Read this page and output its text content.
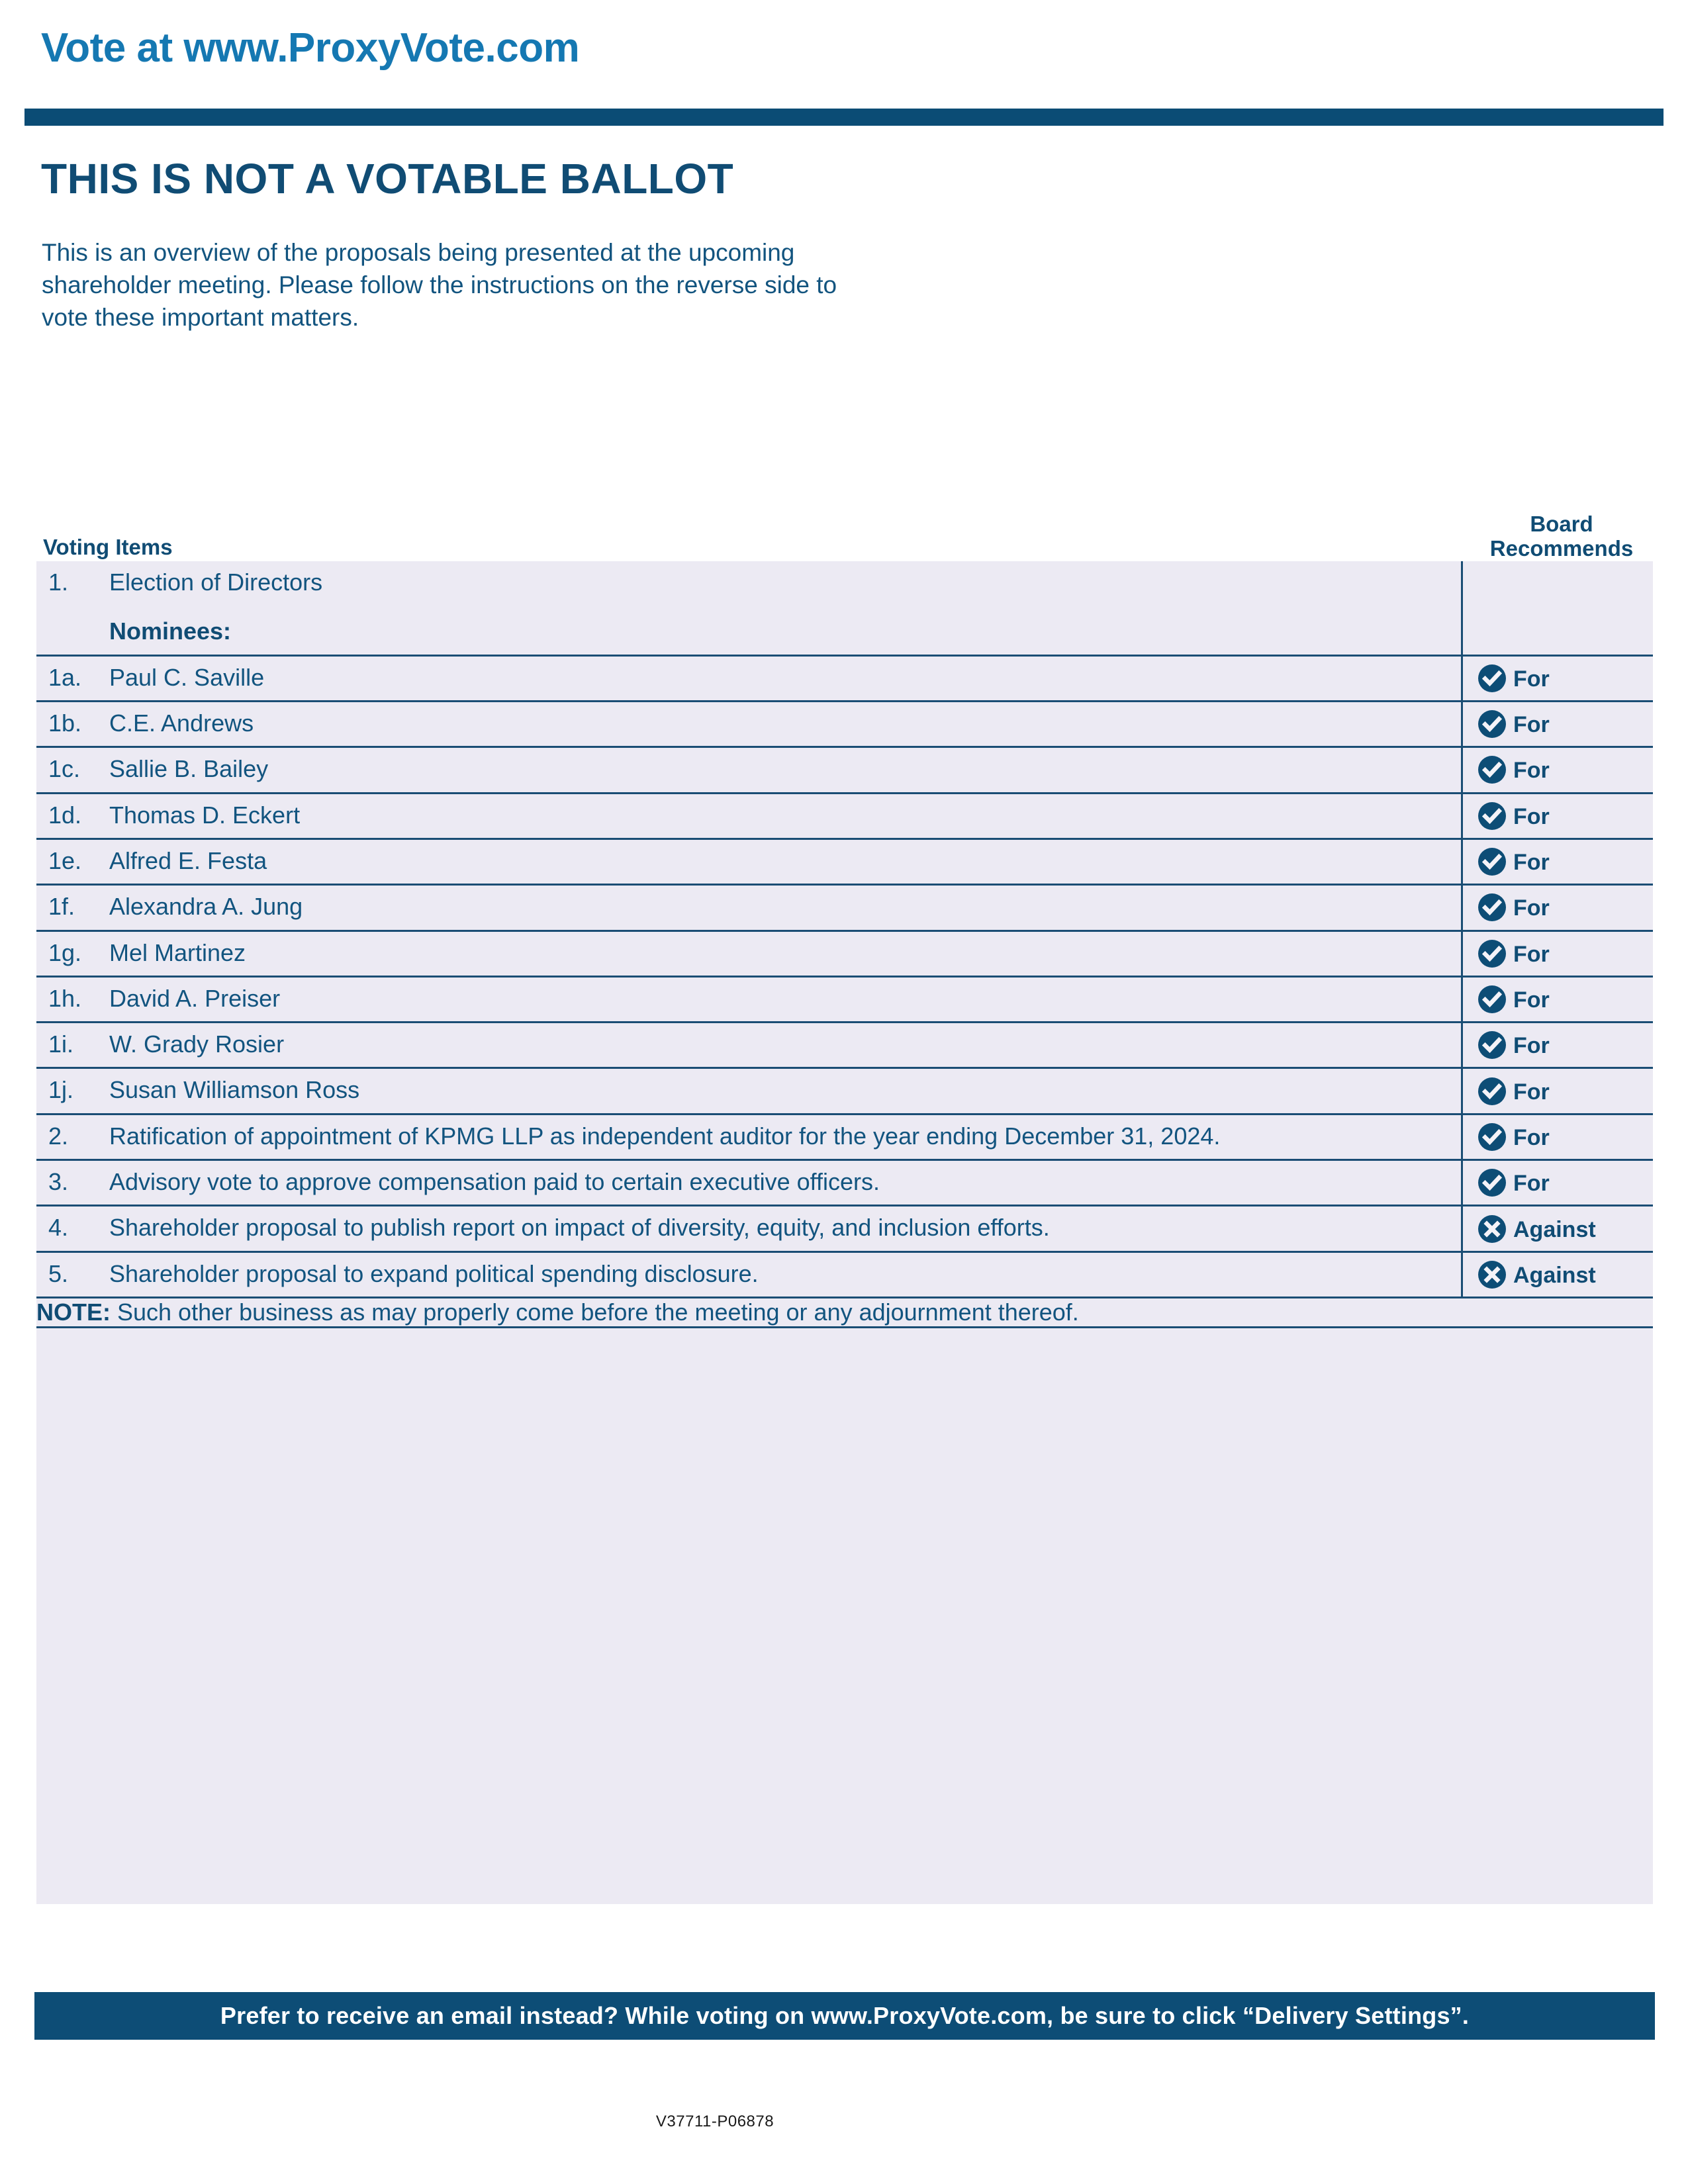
Vote at www.ProxyVote.com
THIS IS NOT A VOTABLE BALLOT
This is an overview of the proposals being presented at the upcoming shareholder meeting. Please follow the instructions on the reverse side to vote these important matters.
Voting Items
Board
Recommends
1. Election of Directors
Nominees:	

1a. Paul C. Saville	For

1b. C.E. Andrews	For

1c. Sallie B. Bailey	For

1d. Thomas D. Eckert	For

1e. Alfred E. Festa	For

1f. Alexandra A. Jung	For

1g. Mel Martinez	For

1h. David A. Preiser	For

1i. W. Grady Rosier	For

1j. Susan Williamson Ross	For

2. Ratification of appointment of KPMG LLP as independent auditor for the year ending December 31, 2024.	For

3. Advisory vote to approve compensation paid to certain executive officers.	For

4. Shareholder proposal to publish report on impact of diversity, equity, and inclusion efforts.	Against

5. Shareholder proposal to expand political spending disclosure.	Against

NOTE: Such other business as may properly come before the meeting or any adjournment thereof.	

Prefer to receive an email instead? While voting on www.ProxyVote.com, be sure to click “Delivery Settings”.
V37711-P06878
